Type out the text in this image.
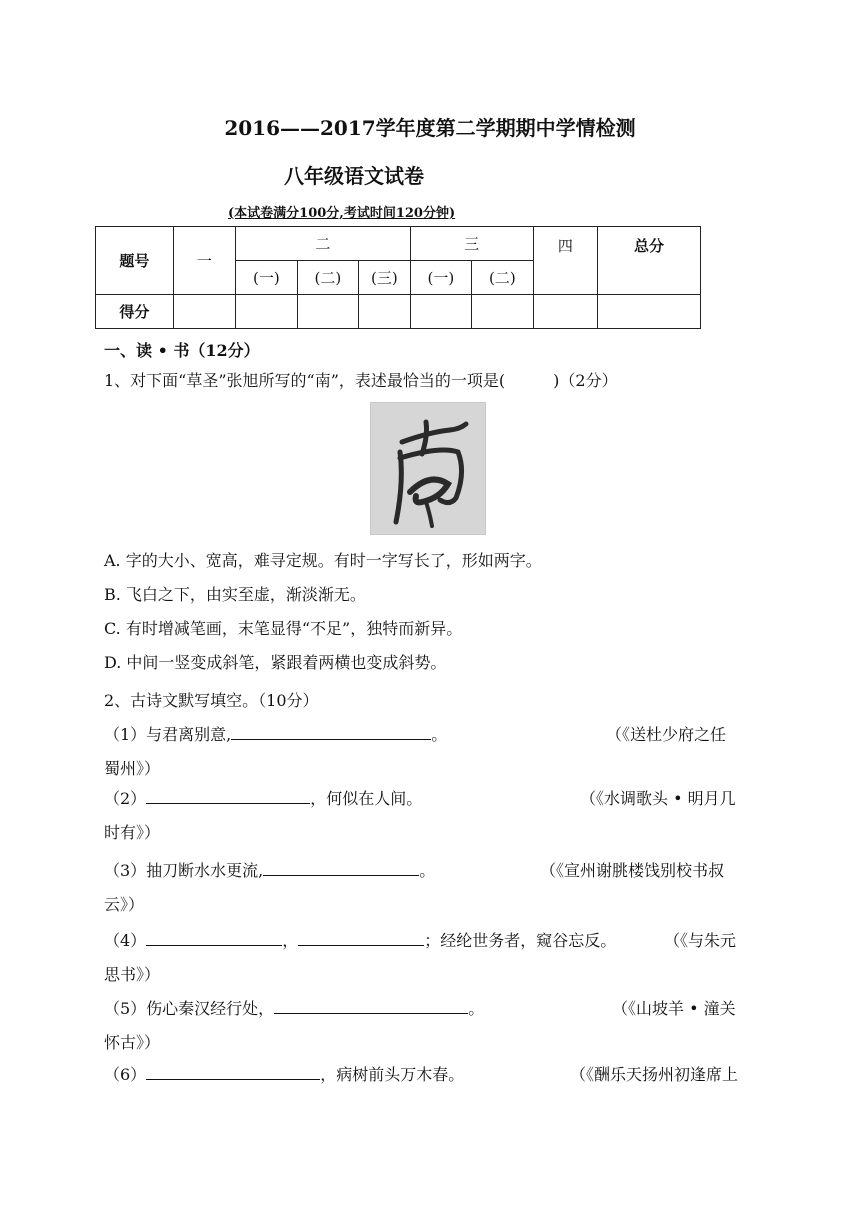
2016——2017学年度第二学期期中学情检测
八年级语文试卷
(本试卷满分100分,考试时间120分钟)
题号	一	二			三		四	总分
		(一)	(二)	(三)	(一)	(二)		
得分								
一、读 • 书（12分）
1、对下面“草圣”张旭所写的“南”，表述最恰当的一项是(　　　)（2分）
A. 字的大小、宽高，难寻定规。有时一字写长了，形如两字。
B. 飞白之下，由实至虚，渐淡渐无。
C. 有时增减笔画，末笔显得“不足”，独特而新异。
D. 中间一竖变成斜笔，紧跟着两横也变成斜势。
2、古诗文默写填空。（10分）
（1）与君离别意,	。	（《送杜少府之任
蜀州》）
（2）	，何似在人间。	（《水调歌头 • 明月几
时有》）
（3）抽刀断水水更流,	。	（《宣州谢朓楼饯别校书叔
云》）
（4）	，	；经纶世务者，窥谷忘反。	（《与朱元
思书》）
（5）伤心秦汉经行处，	。	（《山坡羊 • 潼关
怀古》）
（6）	，病树前头万木春。	（《酬乐天扬州初逢席上
